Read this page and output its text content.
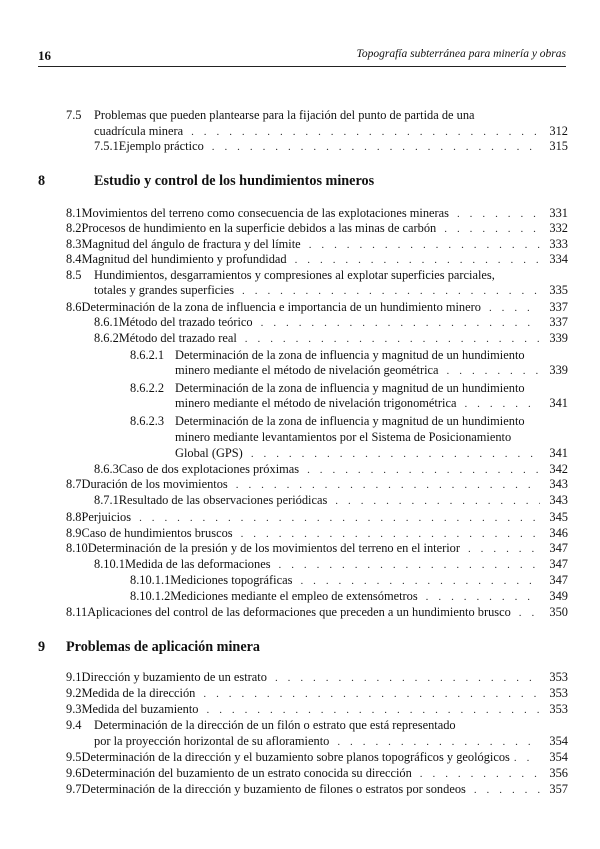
16	Topografía subterránea para minería y obras
7.5 Problemas que pueden plantearse para la fijación del punto de partida de una
cuadrícula minera . . .	312
7.5.1 Ejemplo práctico . . .	315
8	Estudio y control de los hundimientos mineros
8.1 Movimientos del terreno como consecuencia de las explotaciones mineras . . .	331
8.2 Procesos de hundimiento en la superficie debidos a las minas de carbón . . .	332
8.3 Magnitud del ángulo de fractura y del límite . . .	333
8.4 Magnitud del hundimiento y profundidad . . .	334
8.5 Hundimientos, desgarramientos y compresiones al explotar superficies parciales,
totales y grandes superficies . . .	335
8.6 Determinación de la zona de influencia e importancia de un hundimiento minero . . .	337
8.6.1 Método del trazado teórico . . .	337
8.6.2 Método del trazado real . . .	339
8.6.2.1 Determinación de la zona de influencia y magnitud de un hundimiento
minero mediante el método de nivelación geométrica . . .	339
8.6.2.2 Determinación de la zona de influencia y magnitud de un hundimiento
minero mediante el método de nivelación trigonométrica . . .	341
8.6.2.3 Determinación de la zona de influencia y magnitud de un hundimiento
minero mediante levantamientos por el Sistema de Posicionamiento
Global (GPS) . . .	341
8.6.3 Caso de dos explotaciones próximas . . .	342
8.7 Duración de los movimientos . . .	343
8.7.1 Resultado de las observaciones periódicas . . .	343
8.8 Perjuicios . . .	345
8.9 Caso de hundimientos bruscos . . .	346
8.10 Determinación de la presión y de los movimientos del terreno en el interior . . .	347
8.10.1 Medida de las deformaciones . . .	347
8.10.1.1 Mediciones topográficas . . .	347
8.10.1.2 Mediciones mediante el empleo de extensómetros . . .	349
8.11 Aplicaciones del control de las deformaciones que preceden a un hundimiento brusco . . .	350
9 Problemas de aplicación minera
9.1 Dirección y buzamiento de un estrato . . .	353
9.2 Medida de la dirección . . .	353
9.3 Medida del buzamiento . . .	353
9.4 Determinación de la dirección de un filón o estrato que está representado
por la proyección horizontal de su afloramiento . . .	354
9.5 Determinación de la dirección y el buzamiento sobre planos topográficos y geológicos . . .	354
9.6 Determinación del buzamiento de un estrato conocida su dirección . . .	356
9.7 Determinación de la dirección y buzamiento de filones o estratos por sondeos . . .	357
